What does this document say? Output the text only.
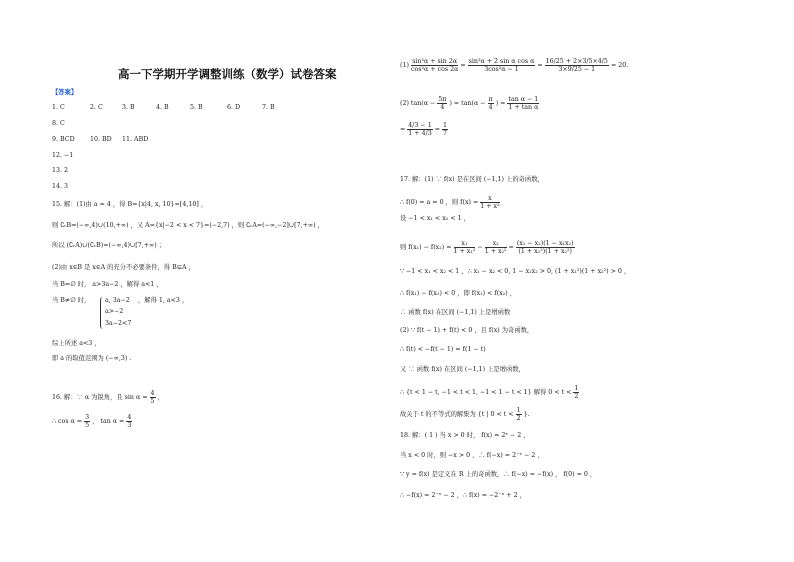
高一下学期开学调整训练（数学）试卷答案
【答案】
1. C	2. C	3. B	4. B	5. B	6. D	7. B
8. C
9. BCD 10. BD 11. ABD
12. −1
13. 2
14. 3
15. 解：(1)由 a = 4 ，得 B={x|4, x, 10}=[4,10] ，
则 ∁ᵣB=(−∞,4)∪(10,+∞) ，又 A={x|−2 < x < 7}=(−2,7) ，则 ∁ᵣA=(−∞,−2]∪[7,+∞) ，
所以 (∁ᵣA)∪(∁ᵣB)=(−∞,4)∪[7,+∞) ；
(2)由 x∈B 是 x∈A 的充分不必要条件，得 B⊊A ，
当 B=∅ 时， a>3a−2 ，解得 a<1 ，
当 B≠∅ 时， a, 3a−2
a>−2
3a−2<7
，解得 1, a<3 ，
综上所述 a<3 ，
即 a 的取值范围为 (−∞,3) .
16. 解：∵ α 为锐角，且 $\sin \alpha = \frac{4}{5}$ ，
∴ $\cos \alpha = \frac{3}{5}$ ， $\tan \alpha = \frac{4}{3}$
$(1) \frac{\text{sin²α + sin 2α}}{\text{cos²α + cos 2α}} = \frac{\text{sin²α + 2 sin α cos α}}{\text{3cos²α − 1}} = \frac{16/25 + 2\times 3/5\times 4/5}{3\times 9/25 - 1} = 20$.
(2) $\tan(\alpha - \frac{5\pi}{4}$ ) = $\tan(\alpha - \frac{\pi}{4}$ ) = $\frac{\text{tan α − 1}}{\text{1 + tan α}}$
= $\frac{4/3 - 1}{1 + 4/3} = \frac{1}{7}$
17. 解：(1) ∵ f(x) 是在区间 (−1,1) 上的奇函数，
∴ f(0) = a = 0 ，则 $f(x) = \frac{x}{\text{1 + x²}}$
设 −1 < x₁ < x₂ < 1 ，
则 $f(x_1) - f(x_2) = \frac{\text{x₁}}{\text{1 + x₁²}} - \frac{\text{x₂}}{\text{1 + x₂²}} = \frac{\text{(x₁ − x₂)(1 − x₁x₂)}}{\text{(1 + x₁²)(1 + x₂²)}}$
∵ −1 < x₁ < x₂ < 1 ，∴ x₁ − x₂ < 0, 1 − x₁x₂ > 0, (1 + x₁²)(1 + x₂²) > 0 ，
∴ f(x₁) − f(x₂) < 0 ，即 f(x₁) < f(x₂) ，
∴ 函数 f(x) 在区间 (−1,1) 上是增函数
(2) ∵ f(t − 1) + f(t) < 0 ，且 f(x) 为奇函数，
∴ f(t) < −f(t − 1) = f(1 − t)
又 ∵ 函数 f(x) 在区间 (−1,1) 上是增函数，
∴ {t < 1 − t, −1 < t < 1, −1 < 1 − t < 1} 解得 $0 < t < \frac{1}{2}$
故关于 t 的不等式的解集为 {t | $0 < t < \frac{1}{2}$ }.
18. 解：( 1 ) 当 x > 0 时， f(x) = 2ˣ − 2 ，
当 x < 0 时，则 −x > 0 ，∴ f(−x) = 2⁻ˣ − 2 ，
∵ y = f(x) 是定义在 R 上的奇函数，∴ f(−x) = −f(x) ， f(0) = 0 ，
∴ −f(x) = 2⁻ˣ − 2 ，∴ f(x) = −2⁻ˣ + 2 ，
